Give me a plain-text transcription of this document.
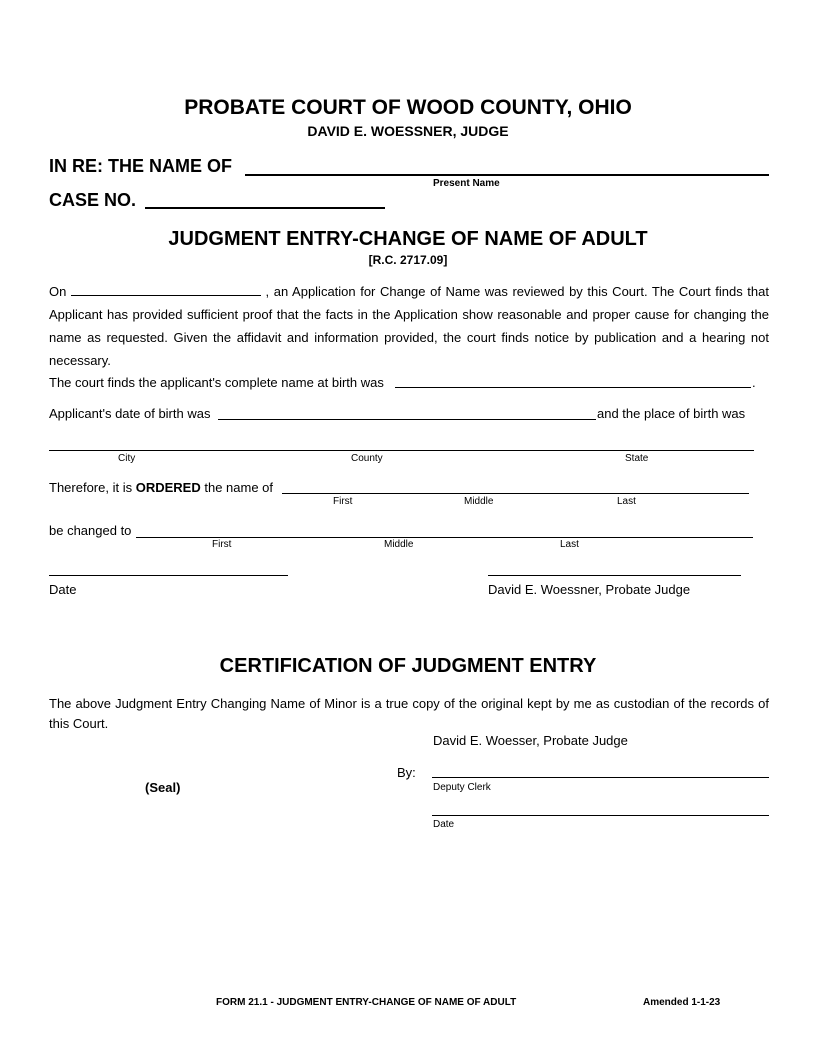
PROBATE COURT OF WOOD COUNTY, OHIO
DAVID E. WOESSNER, JUDGE
IN RE: THE NAME OF
Present Name
CASE NO.
JUDGMENT ENTRY-CHANGE OF NAME OF ADULT
[R.C. 2717.09]
On	, an Application for Change of Name was reviewed by this Court. The Court finds that Applicant has provided sufficient proof that the facts in the Application show reasonable and proper cause for changing the name as requested. Given the affidavit and information provided, the court finds notice by publication and a hearing not necessary.
The court finds the applicant's complete name at birth was	.
Applicant's date of birth was	and the place of birth was
City	County	State
Therefore, it is ORDERED the name of
First	Middle	Last
be changed to
First	Middle	Last
Date	David E. Woessner, Probate Judge
CERTIFICATION OF JUDGMENT ENTRY
The above Judgment Entry Changing Name of Minor is a true copy of the original kept by me as custodian of the records of this Court.
David E. Woesser, Probate Judge
By:
Deputy Clerk
(Seal)
Date
FORM 21.1 - JUDGMENT ENTRY-CHANGE OF NAME OF ADULT	Amended 1-1-23
